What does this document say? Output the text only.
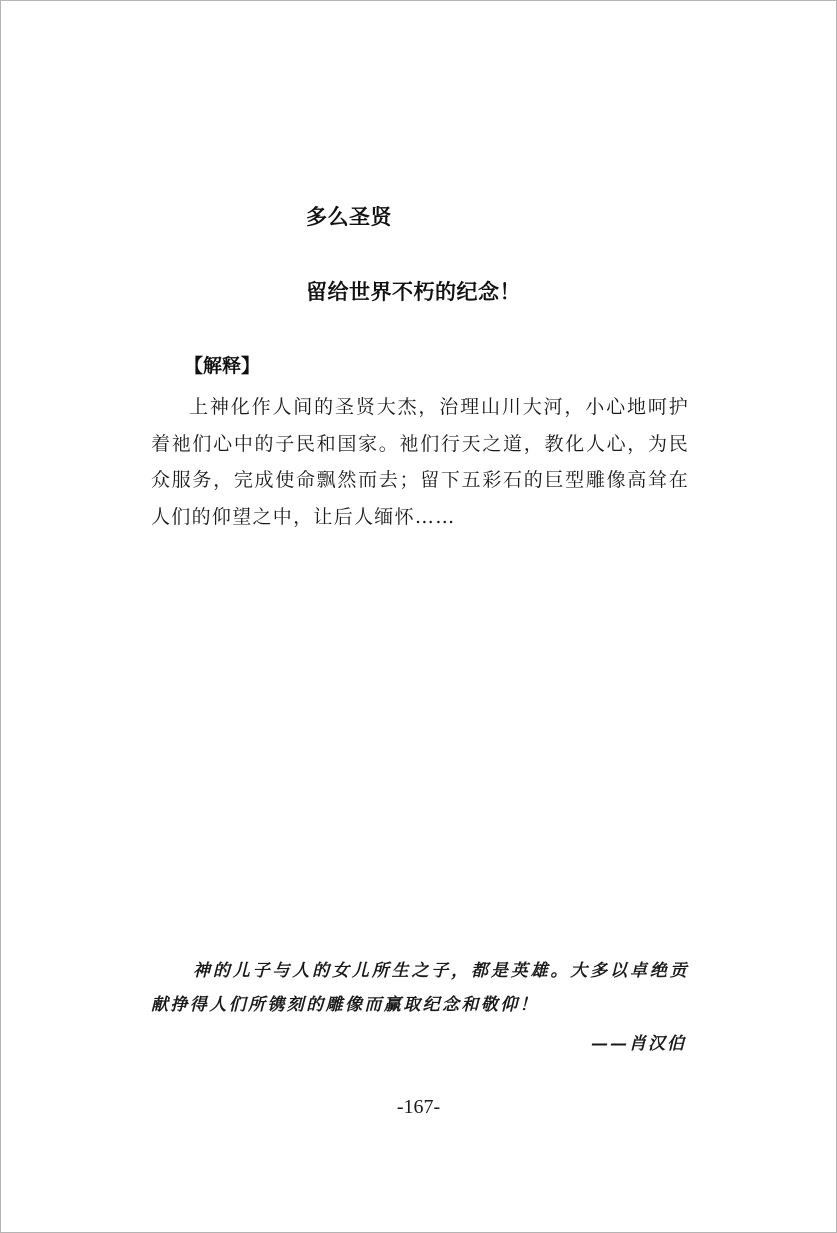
多么圣贤
留给世界不朽的纪念！
【解释】

上神化作人间的圣贤大杰，治理山川大河，小心地呵护着祂们心中的子民和国家。祂们行天之道，教化人心，为民众服务，完成使命飘然而去；留下五彩石的巨型雕像高耸在人们的仰望之中，让后人缅怀……

神的儿子与人的女儿所生之子，都是英雄。大多以卓绝贡献挣得人们所镌刻的雕像而赢取纪念和敬仰！

——肖汉伯
-167-
